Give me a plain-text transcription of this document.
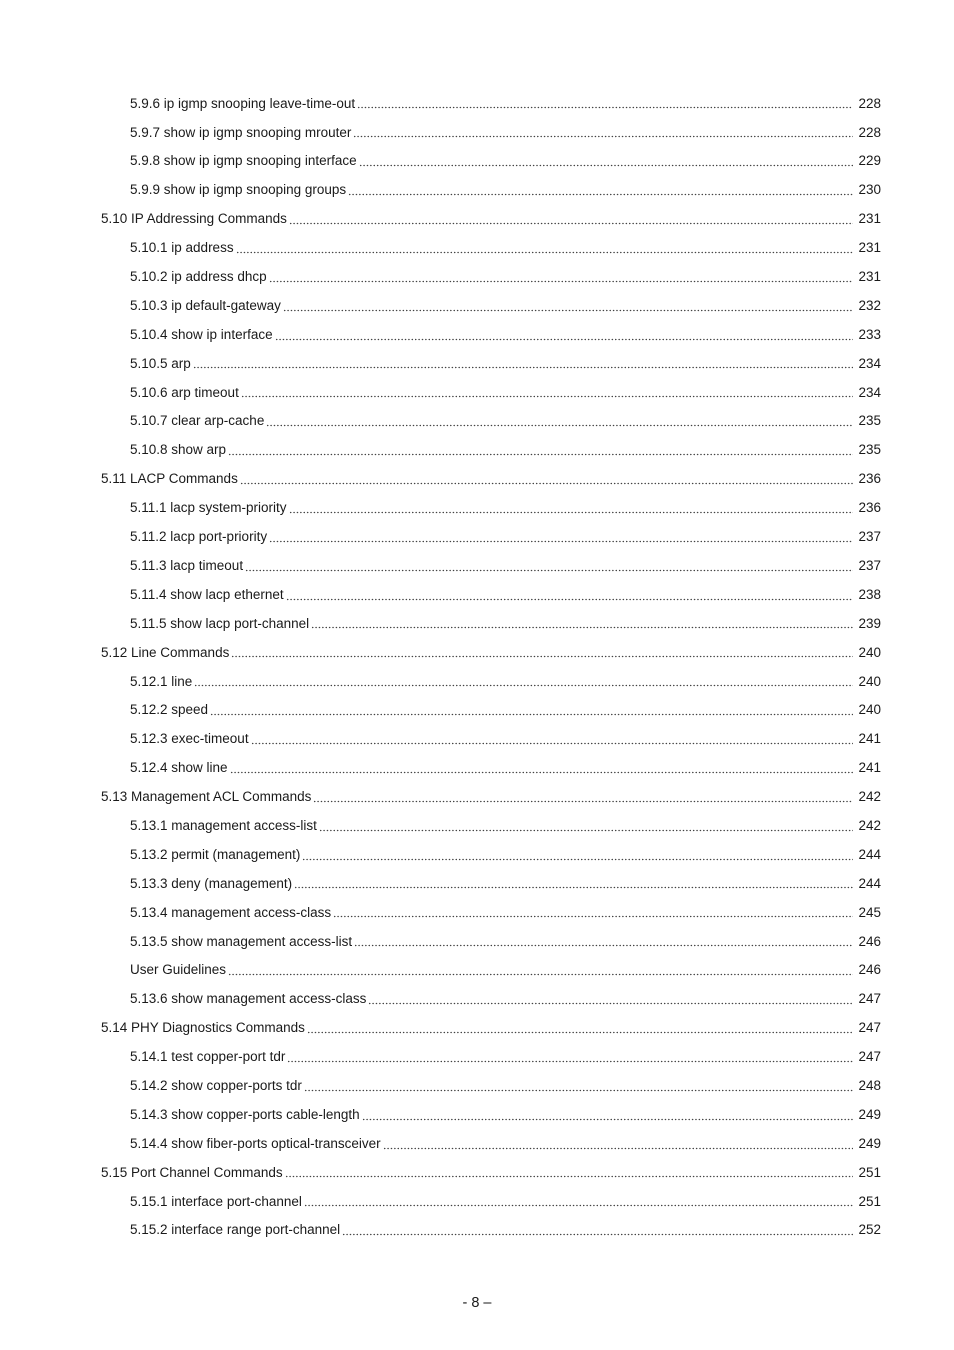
5.9.6 ip igmp snooping leave-time-out	228
5.9.7 show ip igmp snooping mrouter	228
5.9.8 show ip igmp snooping interface	229
5.9.9 show ip igmp snooping groups	230
5.10 IP Addressing Commands	231
5.10.1 ip address	231
5.10.2 ip address dhcp	231
5.10.3 ip default-gateway	232
5.10.4 show ip interface	233
5.10.5 arp	234
5.10.6 arp timeout	234
5.10.7 clear arp-cache	235
5.10.8 show arp	235
5.11 LACP Commands	236
5.11.1 lacp system-priority	236
5.11.2 lacp port-priority	237
5.11.3 lacp timeout	237
5.11.4 show lacp ethernet	238
5.11.5 show lacp port-channel	239
5.12 Line Commands	240
5.12.1 line	240
5.12.2 speed	240
5.12.3 exec-timeout	241
5.12.4 show line	241
5.13 Management ACL Commands	242
5.13.1 management access-list	242
5.13.2 permit (management)	244
5.13.3 deny (management)	244
5.13.4 management access-class	245
5.13.5 show management access-list	246
User Guidelines	246
5.13.6 show management access-class	247
5.14 PHY Diagnostics Commands	247
5.14.1 test copper-port tdr	247
5.14.2 show copper-ports tdr	248
5.14.3 show copper-ports cable-length	249
5.14.4 show fiber-ports optical-transceiver	249
5.15 Port Channel Commands	251
5.15.1 interface port-channel	251
5.15.2 interface range port-channel	252
- 8 –
